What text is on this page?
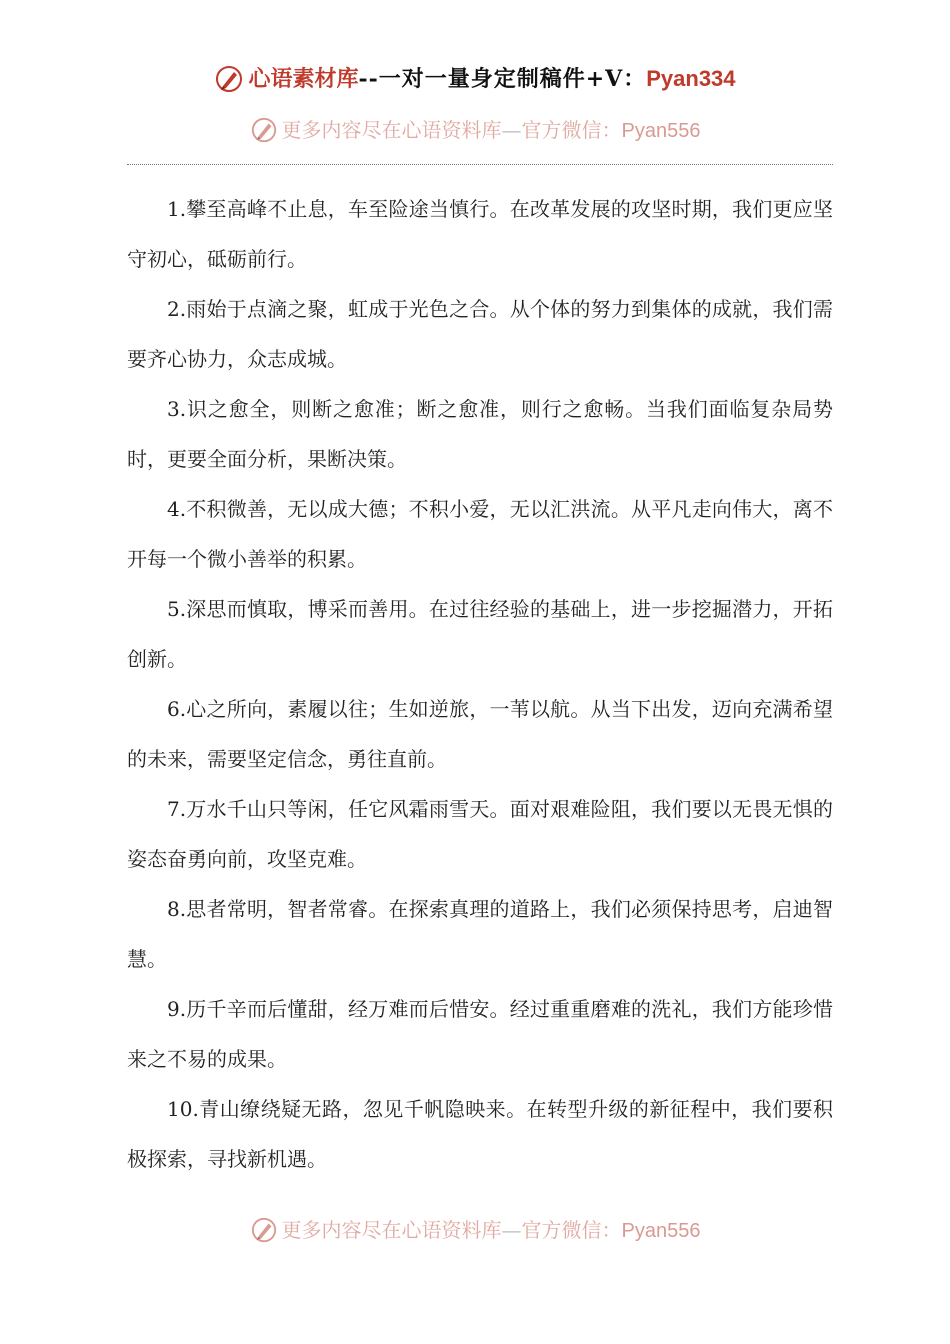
心语素材库--一对一量身定制稿件+V：Pyan334
更多内容尽在心语资料库—官方微信：Pyan556

1.攀至高峰不止息，车至险途当慎行。在改革发展的攻坚时期，我们更应坚守初心，砥砺前行。

2.雨始于点滴之聚，虹成于光色之合。从个体的努力到集体的成就，我们需要齐心协力，众志成城。

3.识之愈全，则断之愈准；断之愈准，则行之愈畅。当我们面临复杂局势时，更要全面分析，果断决策。

4.不积微善，无以成大德；不积小爱，无以汇洪流。从平凡走向伟大，离不开每一个微小善举的积累。

5.深思而慎取，博采而善用。在过往经验的基础上，进一步挖掘潜力，开拓创新。

6.心之所向，素履以往；生如逆旅，一苇以航。从当下出发，迈向充满希望的未来，需要坚定信念，勇往直前。

7.万水千山只等闲，任它风霜雨雪天。面对艰难险阻，我们要以无畏无惧的姿态奋勇向前，攻坚克难。

8.思者常明，智者常睿。在探索真理的道路上，我们必须保持思考，启迪智慧。

9.历千辛而后懂甜，经万难而后惜安。经过重重磨难的洗礼，我们方能珍惜来之不易的成果。

10.青山缭绕疑无路，忽见千帆隐映来。在转型升级的新征程中，我们要积极探索，寻找新机遇。

更多内容尽在心语资料库—官方微信：Pyan556
